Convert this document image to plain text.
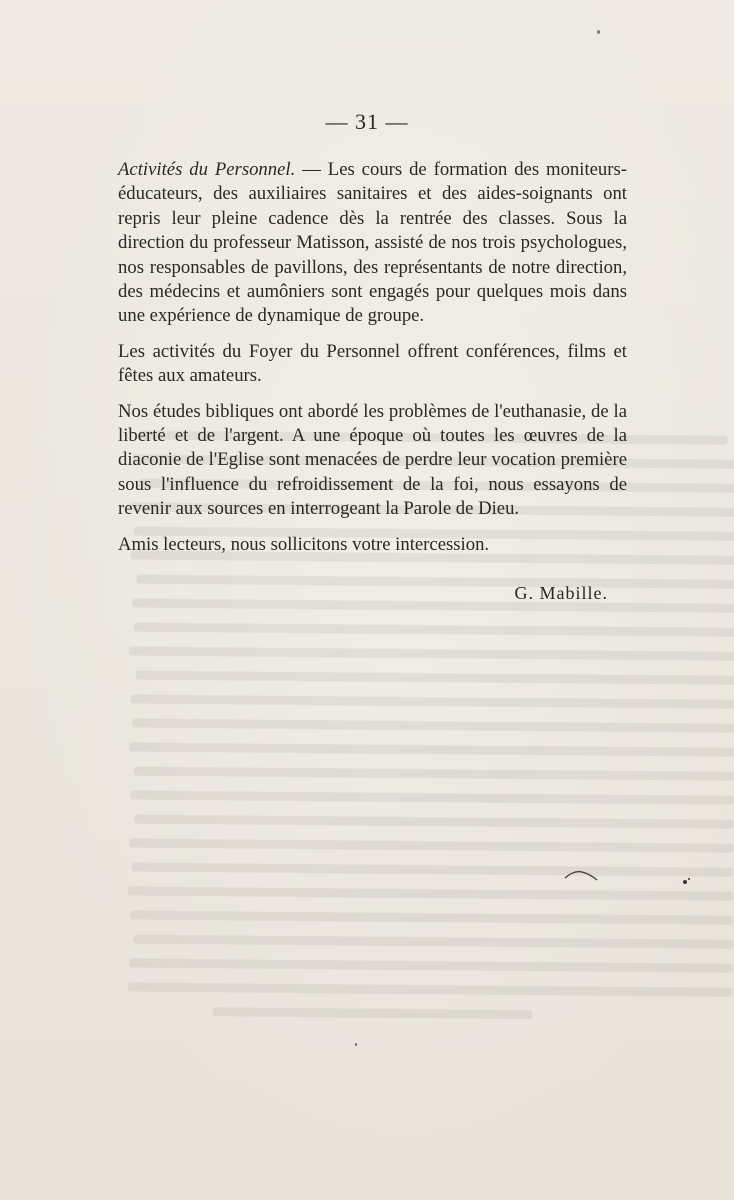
— 31 —

Activités du Personnel. — Les cours de formation des moniteurs-éducateurs, des auxiliaires sanitaires et des aides-soignants ont repris leur pleine cadence dès la rentrée des classes. Sous la direction du professeur Matisson, assisté de nos trois psychologues, nos responsables de pavillons, des représentants de notre direction, des médecins et aumôniers sont engagés pour quelques mois dans une expérience de dynamique de groupe.

Les activités du Foyer du Personnel offrent conférences, films et fêtes aux amateurs.

Nos études bibliques ont abordé les problèmes de l'euthanasie, de la liberté et de l'argent. A une époque où toutes les œuvres de la diaconie de l'Eglise sont menacées de perdre leur vocation première sous l'influence du refroidissement de la foi, nous essayons de revenir aux sources en interrogeant la Parole de Dieu.

Amis lecteurs, nous sollicitons votre intercession.

G. Mabille.
